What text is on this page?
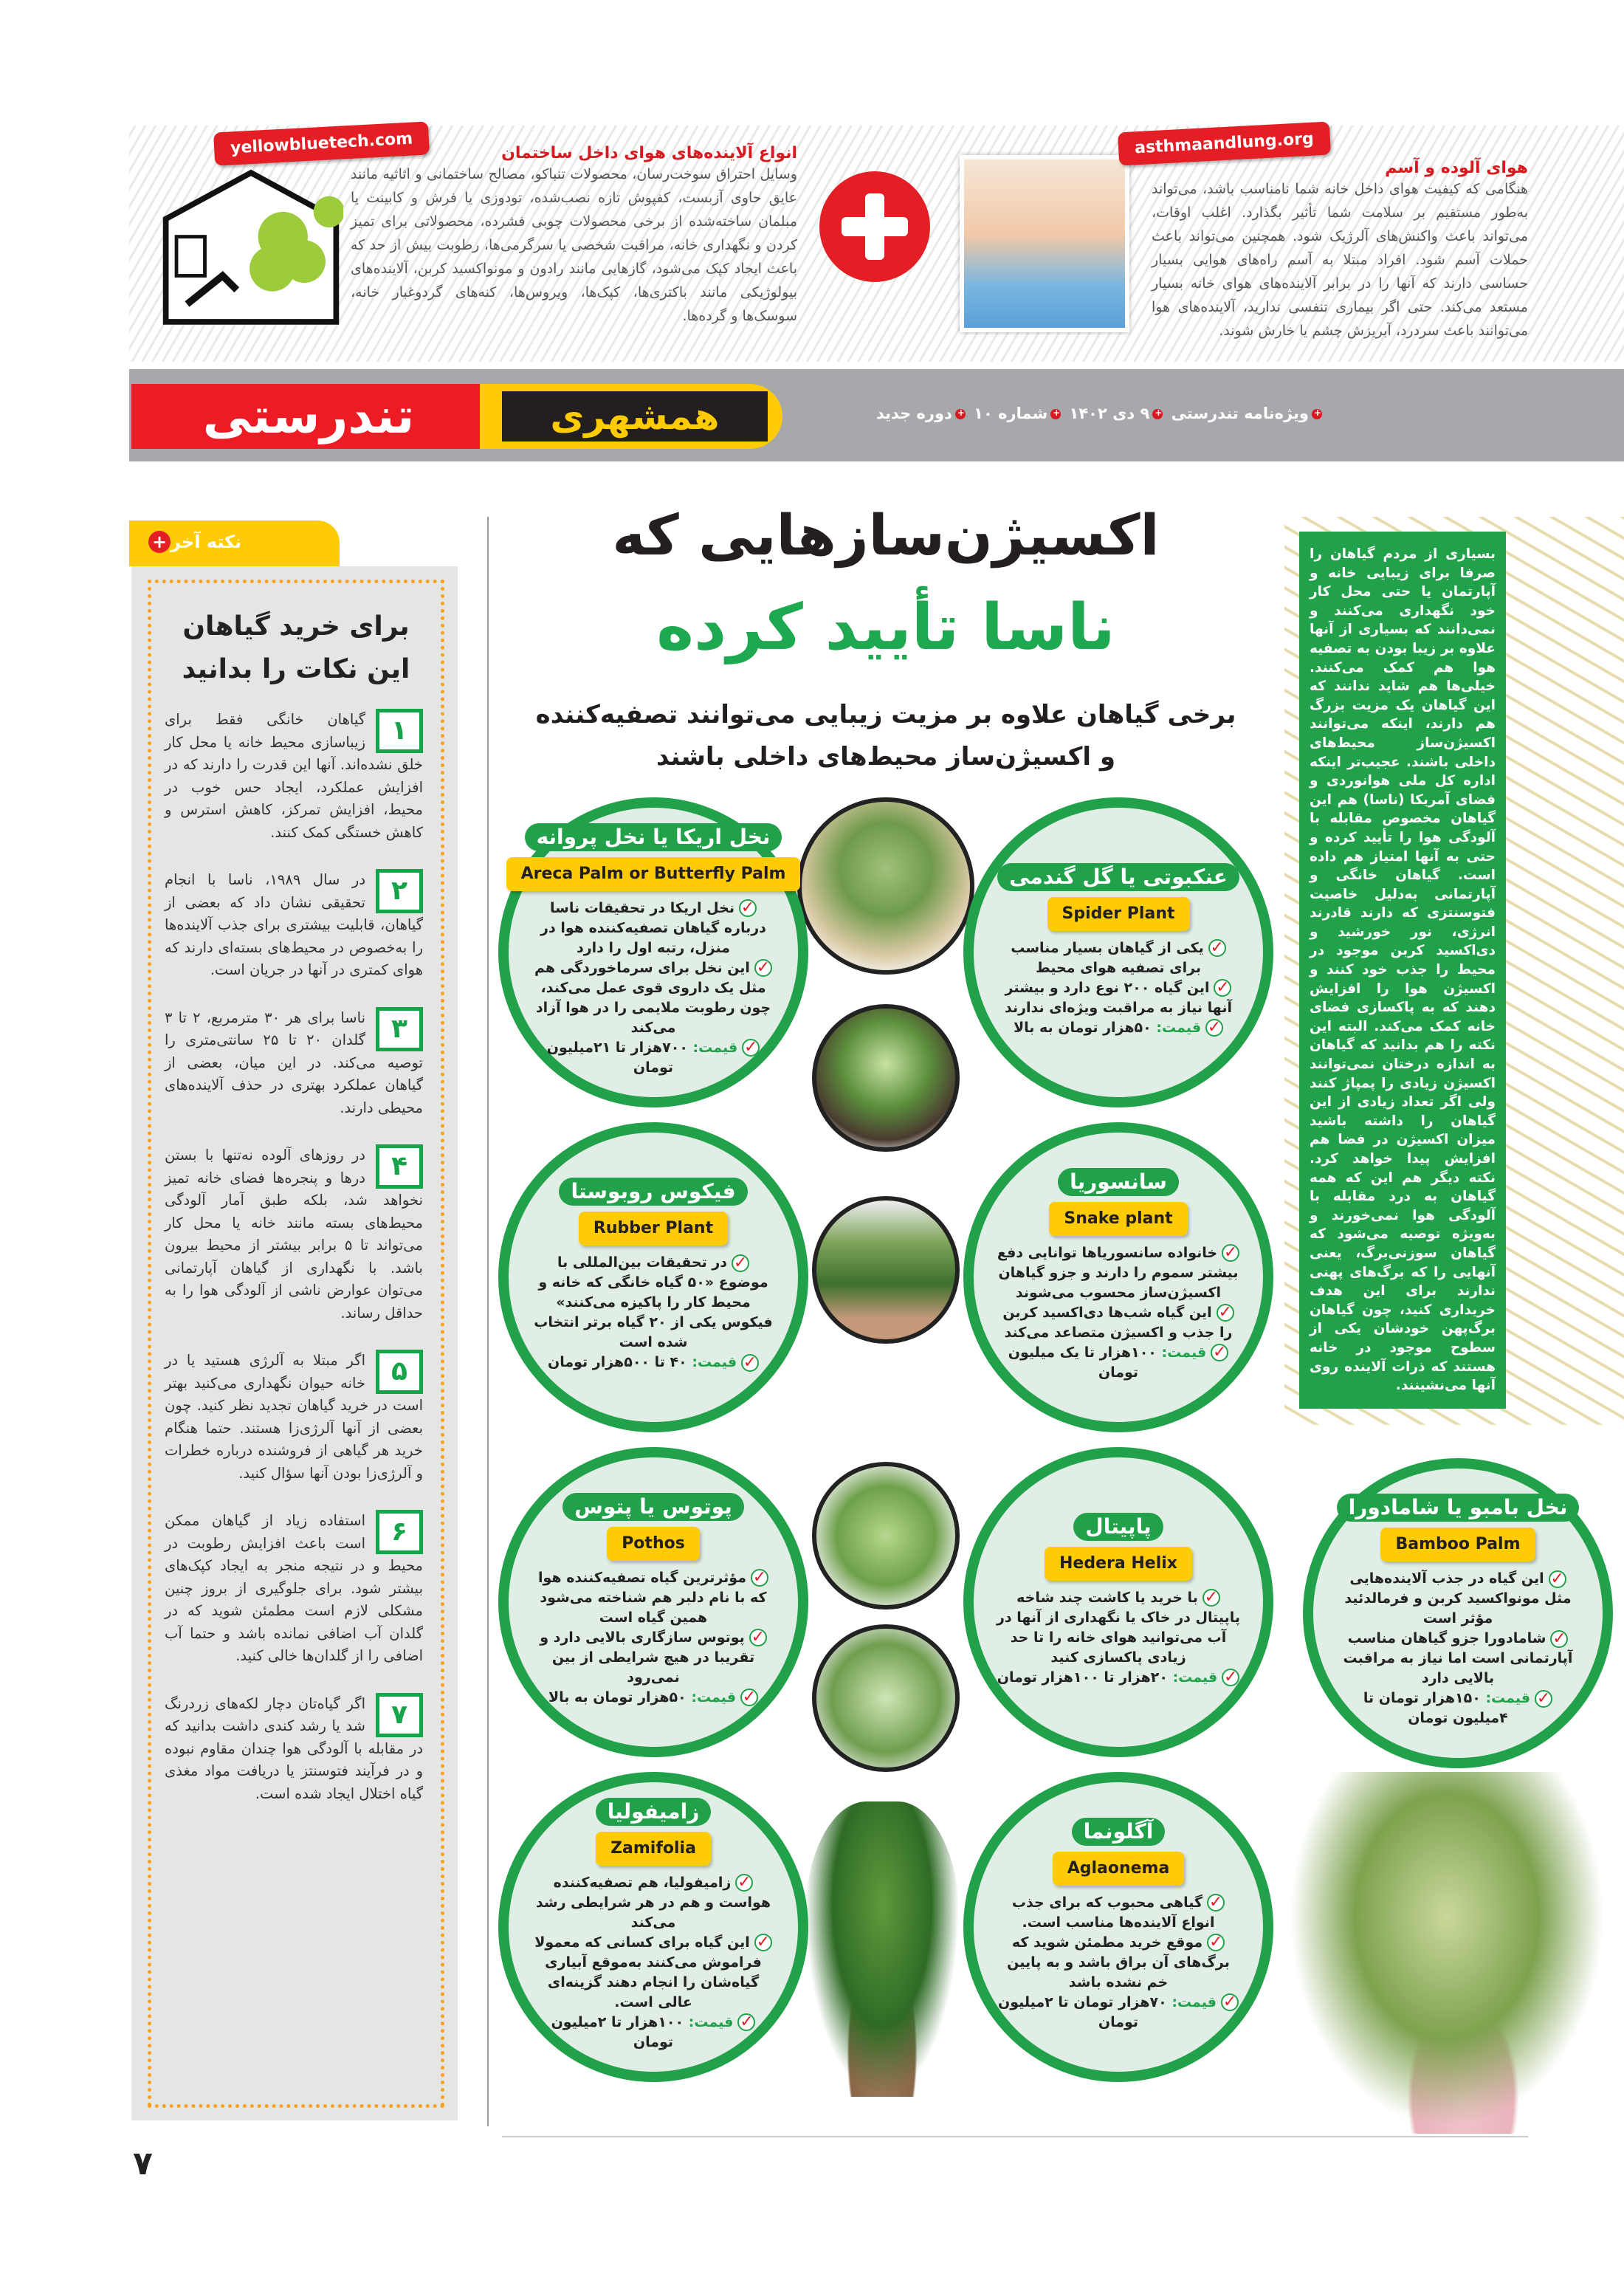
yellowbluetech.com	انواع آلاینده‌های هوای داخل ساختمان
وسایل احتراق سوخت‌رسان، محصولات تنباکو، مصالح ساختمانی و اثاثیه مانند عایق حاوی آزبست، کفپوش تازه نصب‌شده، تودوزی یا فرش و کابینت یا مبلمان ساخته‌شده از برخی محصولات چوبی فشرده، محصولاتی برای تمیز کردن و نگهداری خانه، مراقبت شخصی یا سرگرمی‌ها، رطوبت بیش از حد که باعث ایجاد کپک می‌شود، گازهایی مانند رادون و مونواکسید کربن، آلاینده‌های بیولوژیکی مانند باکتری‌ها، کپک‌ها، ویروس‌ها، کنه‌های گرد‌وغبار خانه، سوسک‌ها و گرده‌ها.
asthmaandlung.org
هوای آلوده و آسم
هنگامی که کیفیت هوای داخل خانه شما نامناسب باشد، می‌تواند به‌طور مستقیم بر سلامت شما تأثیر بگذارد. اغلب اوقات، می‌تواند باعث واکنش‌های آلرژیک شود. همچنین می‌تواند باعث حملات آسم شود. افراد مبتلا به آسم راه‌های هوایی بسیار حساسی دارند که آنها را در برابر آلاینده‌های هوای خانه بسیار مستعد می‌کند. حتی اگر بیماری تنفسی ندارید، آلاینده‌های هوا می‌توانند باعث سردرد، آبریزش چشم یا خارش شوند.
تندرستی	همشهری +	ویژه‌نامه تندرستی +۹ دی ۱۴۰۲ +شماره ۱۰ +دوره جدید
+ نکته آخر
برای خرید گیاهان
این نکات را بدانید
۱
گیاهان خانگی فقط برای زیباسازی محیط خانه یا محل کار خلق نشده‌اند. آنها این قدرت را دارند که در افزایش عملکرد، ایجاد حس خوب در محیط، افزایش تمرکز، کاهش استرس و کاهش خستگی کمک کنند.
۲
در سال ۱۹۸۹، ناسا با انجام تحقیقی نشان داد که بعضی از گیاهان، قابلیت بیشتری برای جذب آلاینده‌ها را به‌خصوص در محیط‌های بسته‌ای دارند که هوای کمتری در آنها در جریان است.
۳
ناسا برای هر ۳۰ مترمربع، ۲ تا ۳ گلدان ۲۰ تا ۲۵ سانتی‌متری را توصیه می‌کند. در این میان، بعضی از گیاهان عملکرد بهتری در حذف آلاینده‌های محیطی دارند.
۴
در روزهای آلوده نه‌تنها با بستن درها و پنجره‌ها فضای خانه تمیز نخواهد شد، بلکه طبق آمار آلودگی محیط‌های بسته مانند خانه یا محل کار می‌تواند تا ۵ برابر بیشتر از محیط بیرون باشد. با نگهداری از گیاهان آپارتمانی می‌توان عوارض ناشی از آلودگی هوا را به حداقل رساند.
۵
اگر مبتلا به آلرژی هستید یا در خانه حیوان نگهداری می‌کنید بهتر است در خرید گیاهان تجدید نظر کنید. چون بعضی از آنها آلرژی‌زا هستند. حتما هنگام خرید هر گیاهی از فروشنده درباره خطرات و آلرژی‌زا بودن آنها سؤال کنید.
۶
استفاده زیاد از گیاهان ممکن است باعث افزایش رطوبت در محیط و در نتیجه منجر به ایجاد کپک‌های بیشتر شود. برای جلوگیری از بروز چنین مشکلی لازم است مطمئن شوید که در گلدان آب اضافی نمانده باشد و حتما آب اضافی را از گلدان‌ها خالی کنید.
۷
اگر گیاه‌تان دچار لکه‌های زردرنگ شد یا رشد کندی داشت بدانید که در مقابله با آلودگی هوا چندان مقاوم نبوده و در فرآیند فتوسنتز یا دریافت مواد مغذی گیاه اختلال ایجاد شده است.
اکسیژن‌سازهایی که
ناسا تأیید کرده
برخی گیاهان علاوه بر مزیت زیبایی می‌توانند تصفیه‌کننده
و اکسیژن‌ساز محیط‌های داخلی باشند
بسیاری از مردم گیاهان را صرفا برای زیبایی خانه و آپارتمان یا حتی محل کار خود نگهداری می‌کنند و نمی‌دانند که بسیاری از آنها علاوه بر زیبا بودن به تصفیه هوا هم کمک می‌کنند. خیلی‌ها هم شاید ندانند که این گیاهان یک مزیت بزرگ هم دارند، اینکه می‌توانند اکسیژن‌ساز محیط‌های داخلی باشند. عجیب‌تر اینکه اداره کل ملی هوانوردی و فضای آمریکا (ناسا) هم این گیاهان مخصوص مقابله با آلودگی هوا را تأیید کرده و حتی به آنها امتیاز هم داده است. گیاهان خانگی و آپارتمانی به‌دلیل خاصیت فتوسنتزی که دارند قادرند انرژی، نور خورشید و دی‌اکسید کربن موجود در محیط را جذب خود کنند و اکسیژن هوا را افزایش دهند که به پاکسازی فضای خانه کمک می‌کند. البته این نکته را هم بدانید که گیاهان به اندازه درختان نمی‌توانند اکسیژن زیادی را پمپاژ کنند ولی اگر تعداد زیادی از این گیاهان را داشته باشید میزان اکسیژن در فضا هم افزایش پیدا خواهد کرد. نکته دیگر هم این که همه گیاهان به درد مقابله با آلودگی هوا نمی‌خورند و به‌ویژه توصیه می‌شود که گیاهان سوزنی‌برگ، یعنی آنهایی را که برگ‌های پهنی ندارند برای این هدف خریداری کنید، چون گیاهان برگ‌پهن خودشان یکی از سطوح موجود در خانه هستند که ذرات آلاینده روی آنها می‌نشینند.
نخل اریکا یا نخل پروانه
Areca Palm or Butterfly Palm
✓نخل اریکا در تحقیقات ناسا درباره گیاهان تصفیه‌کننده هوا در منزل، رتبه اول را دارد
✓این نخل برای سرماخوردگی هم مثل یک داروی قوی عمل می‌کند، چون رطوبت ملایمی را در هوا آزاد می‌کند
✓قیمت: ۷۰۰هزار تا ۲۱میلیون تومان
عنکبوتی یا گل گندمی
Spider Plant
✓یکی از گیاهان بسیار مناسب برای تصفیه هوای محیط
✓این گیاه ۲۰۰ نوع دارد و بیشتر آنها نیاز به مراقبت ویژه‌ای ندارند
✓قیمت: ۵۰هزار تومان به بالا
فیکوس روبوستا
Rubber Plant
✓در تحقیقات بین‌المللی با موضوع «۵۰ گیاه خانگی که خانه و محیط کار را پاکیزه می‌کنند» فیکوس یکی از ۲۰ گیاه برتر انتخاب شده است
✓قیمت: ۴۰ تا ۵۰۰هزار تومان
سانسوریا
Snake plant
✓خانواده سانسوریاها توانایی دفع بیشتر سموم را دارند و جزو گیاهان اکسیژن‌ساز محسوب می‌شوند
✓این گیاه شب‌ها دی‌اکسید کربن را جذب و اکسیژن متصاعد می‌کند
✓قیمت: ۱۰۰هزار تا یک میلیون تومان
نخل بامبو یا شامادورا
Bamboo Palm
✓این گیاه در جذب آلاینده‌هایی مثل مونواکسید کربن و فرمالدئید مؤثر است
✓شامادورا جزو گیاهان مناسب آپارتمانی است اما نیاز به مراقبت بالایی دارد
✓قیمت: ۱۵۰هزار تومان تا ۴میلیون تومان
پوتوس یا پتوس
Pothos
✓مؤثرترین گیاه تصفیه‌کننده هوا که با نام دلبر هم شناخته می‌شود همین گیاه است
✓پوتوس سازگاری بالایی دارد و تقریبا در هیچ شرایطی از بین نمی‌رود
✓قیمت: ۵۰هزار تومان به بالا
پاپیتال
Hedera Helix
✓با خرید یا کاشت چند شاخه پاپیتال در خاک یا نگهداری از آنها در آب می‌توانید هوای خانه را تا حد زیادی پاکسازی کنید
✓قیمت: ۲۰هزار تا ۱۰۰هزار تومان
زامیفولیا
Zamifolia
✓زامیفولیا، هم تصفیه‌کننده هواست و هم در هر شرایطی رشد می‌کند
✓این گیاه برای کسانی که معمولا فراموش می‌کنند به‌موقع آبیاری گیاه‌شان را انجام دهند گزینه‌ای عالی است.
✓قیمت: ۱۰۰هزار تا ۲میلیون تومان
آگلونما
Aglaonema
✓گیاهی محبوب که برای جذب انواع آلاینده‌ها مناسب است.
✓موقع خرید مطمئن شوید که برگ‌های آن براق باشد و به پایین خم نشده باشد
✓قیمت: ۷۰هزار تومان تا ۲میلیون تومان
۷
